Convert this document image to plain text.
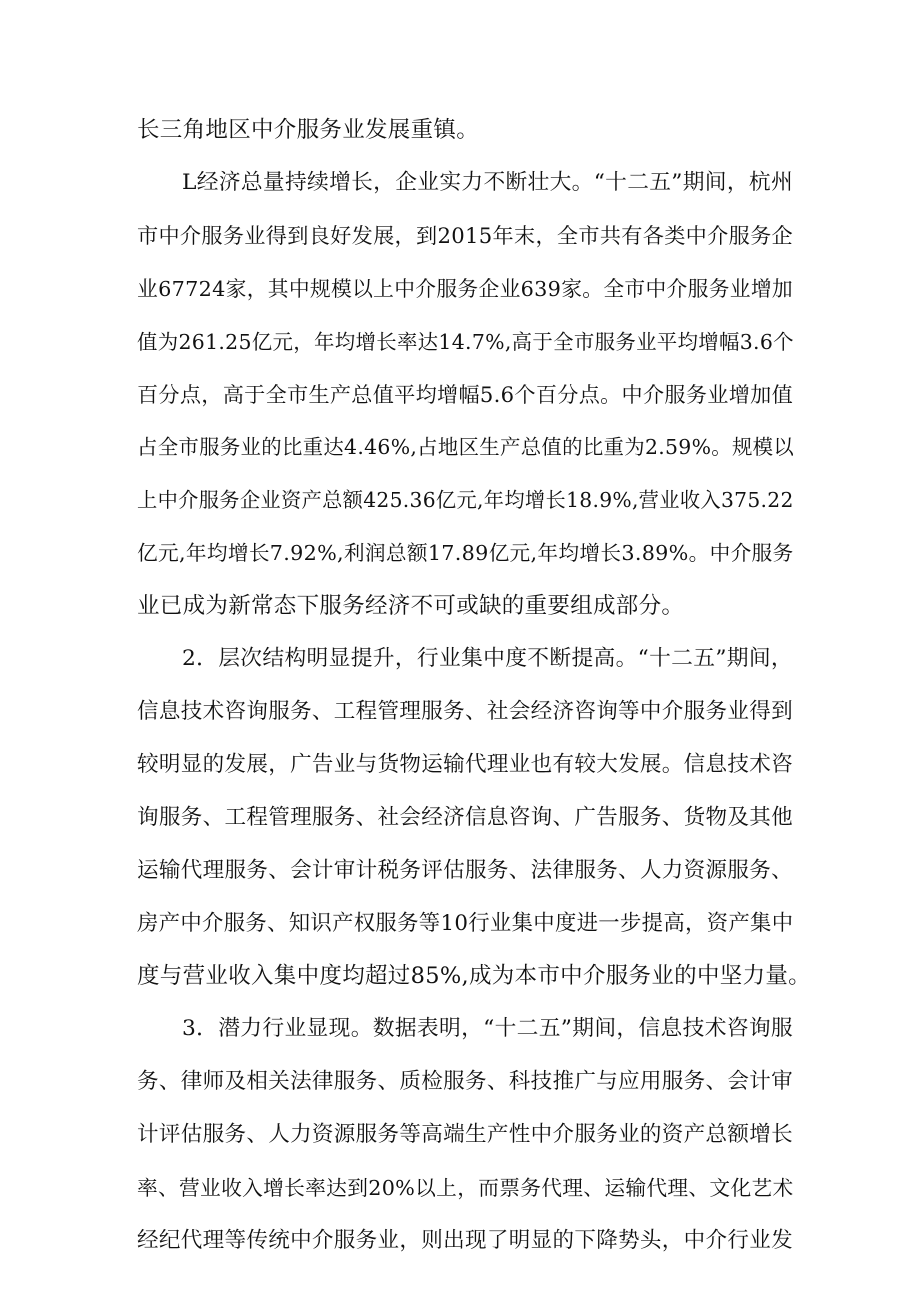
长三角地区中介服务业发展重镇。
L经济总量持续增长，企业实力不断壮大。“十二五”期间，杭州
市中介服务业得到良好发展，到2015年末，全市共有各类中介服务企
业67724家，其中规模以上中介服务企业639家。全市中介服务业增加
值为261.25亿元，年均增长率达14.7%,高于全市服务业平均增幅3.6个
百分点，高于全市生产总值平均增幅5.6个百分点。中介服务业增加值
占全市服务业的比重达4.46%,占地区生产总值的比重为2.59%。规模以
上中介服务企业资产总额425.36亿元,年均增长18.9%,营业收入375.22
亿元,年均增长7.92%,利润总额17.89亿元,年均增长3.89%。中介服务
业已成为新常态下服务经济不可或缺的重要组成部分。
2．层次结构明显提升，行业集中度不断提高。“十二五”期间，
信息技术咨询服务、工程管理服务、社会经济咨询等中介服务业得到
较明显的发展，广告业与货物运输代理业也有较大发展。信息技术咨
询服务、工程管理服务、社会经济信息咨询、广告服务、货物及其他
运输代理服务、会计审计税务评估服务、法律服务、人力资源服务、
房产中介服务、知识产权服务等10行业集中度进一步提高，资产集中
度与营业收入集中度均超过85%,成为本市中介服务业的中坚力量。
3．潜力行业显现。数据表明，“十二五”期间，信息技术咨询服
务、律师及相关法律服务、质检服务、科技推广与应用服务、会计审
计评估服务、人力资源服务等高端生产性中介服务业的资产总额增长
率、营业收入增长率达到20%以上，而票务代理、运输代理、文化艺术
经纪代理等传统中介服务业，则出现了明显的下降势头，中介行业发
